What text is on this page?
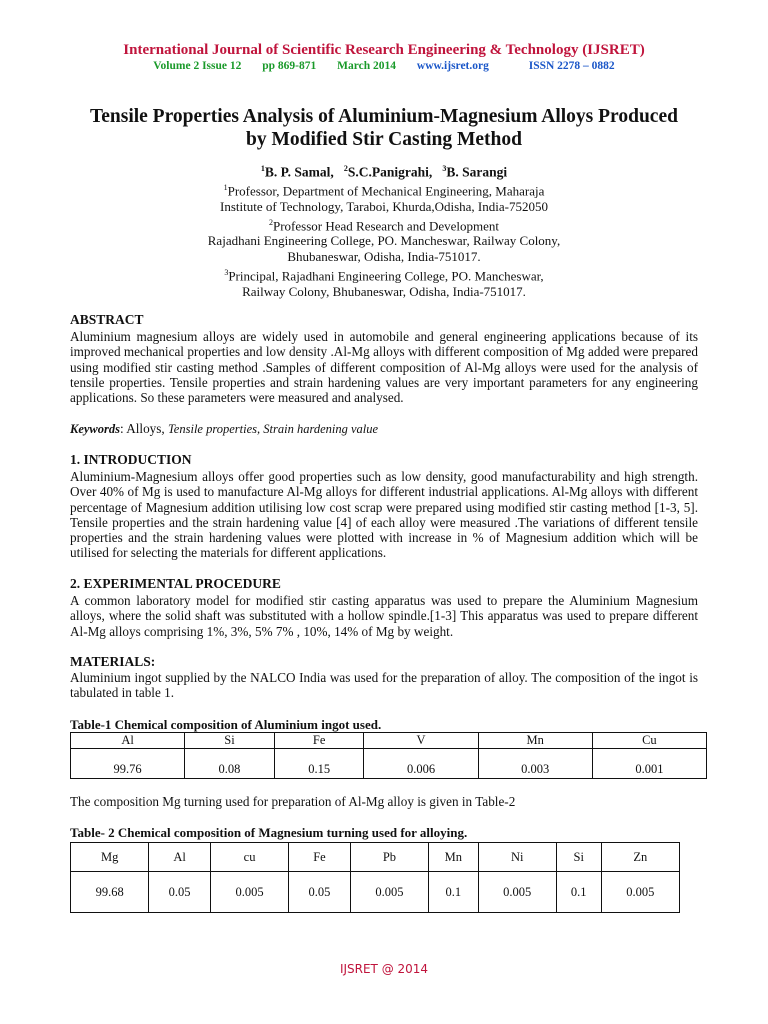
International Journal of Scientific Research Engineering & Technology (IJSRET)
Volume 2 Issue 12 pp 869-871 March 2014 www.ijsret.org	ISSN 2278 – 0882
Tensile Properties Analysis of Aluminium-Magnesium Alloys Produced
by Modified Stir Casting Method
$^1$B. P. Samal, $^2$S.C.Panigrahi, $^3$B. Sarangi
$^1$Professor, Department of Mechanical Engineering, Maharaja
Institute of Technology, Taraboi, Khurda,Odisha, India-752050
$^2$Professor Head Research and Development
Rajadhani Engineering College, PO. Mancheswar, Railway Colony,
Bhubaneswar, Odisha, India-751017.
$^3$Principal, Rajadhani Engineering College, PO. Mancheswar,
Railway Colony, Bhubaneswar, Odisha, India-751017.
ABSTRACT
Aluminium magnesium alloys are widely used in automobile and general engineering applications because of its improved mechanical properties and low density .Al-Mg alloys with different composition of Mg added were prepared using modified stir casting method .Samples of different composition of Al-Mg alloys were used for the analysis of tensile properties. Tensile properties and strain hardening values are very important parameters for any engineering applications. So these parameters were measured and analysed.
Keywords: Alloys, Tensile properties, Strain hardening value
1. INTRODUCTION
Aluminium-Magnesium alloys offer good properties such as low density, good manufacturability and high strength. Over 40% of Mg is used to manufacture Al-Mg alloys for different industrial applications. Al-Mg alloys with different percentage of Magnesium addition utilising low cost scrap were prepared using modified stir casting method [1-3, 5]. Tensile properties and the strain hardening value [4] of each alloy were measured .The variations of different tensile properties and the strain hardening values were plotted with increase in % of Magnesium addition which will be utilised for selecting the materials for different applications.
2. EXPERIMENTAL PROCEDURE
A common laboratory model for modified stir casting apparatus was used to prepare the Aluminium Magnesium alloys, where the solid shaft was substituted with a hollow spindle.[1-3] This apparatus was used to prepare different Al-Mg alloys comprising 1%, 3%, 5% 7% , 10%, 14% of Mg by weight.
MATERIALS:
Aluminium ingot supplied by the NALCO India was used for the preparation of alloy. The composition of the ingot is tabulated in table 1.
Table-1 Chemical composition of Aluminium ingot used.
Al	Si	Fe	V	Mn	Cu
99.76	0.08	0.15	0.006	0.003	0.001
The composition Mg turning used for preparation of Al-Mg alloy is given in Table-2
Table- 2 Chemical composition of Magnesium turning used for alloying.
Mg	Al	cu	Fe	Pb	Mn	Ni	Si	Zn
99.68	0.05	0.005	0.05	0.005	0.1	0.005	0.1	0.005
IJSRET @ 2014
